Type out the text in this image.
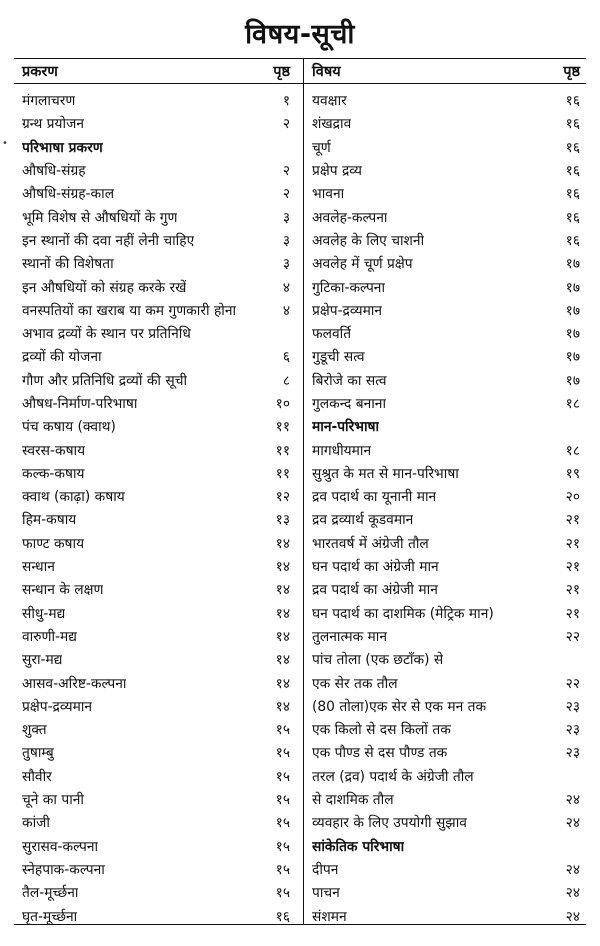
विषय-सूची
•
प्रकरण	पृष्ठ
मंगलाचरण	१
ग्रन्थ प्रयोजन	२
परिभाषा प्रकरण
औषधि-संग्रह	२
औषधि-संग्रह-काल	२
भूमि विशेष से औषधियों के गुण	३
इन स्थानों की दवा नहीं लेनी चाहिए	३
स्थानों की विशेषता	३
इन औषधियों को संग्रह करके रखें	४
वनस्पतियों का खराब या कम गुणकारी होना	४
अभाव द्रव्यों के स्थान पर प्रतिनिधि
द्रव्यों की योजना	६
गौण और प्रतिनिधि द्रव्यों की सूची	८
औषध-निर्माण-परिभाषा	१०
पंच कषाय (क्वाथ)	११
स्वरस-कषाय	११
कल्क-कषाय	११
क्वाथ (काढ़ा) कषाय	१२
हिम-कषाय	१३
फाण्ट कषाय	१४
सन्धान	१४
सन्धान के लक्षण	१४
सीधु-मद्य	१४
वारुणी-मद्य	१४
सुरा-मद्य	१४
आसव-अरिष्ट-कल्पना	१४
प्रक्षेप-द्रव्यमान	१४
शुक्त	१५
तुषाम्बु	१५
सौवीर	१५
चूने का पानी	१५
कांजी	१५
सुरासव-कल्पना	१५
स्नेहपाक-कल्पना	१५
तैल-मूर्च्छना	१५
घृत-मूर्च्छना	१६
विषय	पृष्ठ
यवक्षार	१६
शंखद्राव	१६
चूर्ण	१६
प्रक्षेप द्रव्य	१६
भावना	१६
अवलेह-कल्पना	१६
अवलेह के लिए चाशनी	१६
अवलेह में चूर्ण प्रक्षेप	१७
गुटिका-कल्पना	१७
प्रक्षेप-द्रव्यमान	१७
फलवर्ति	१७
गुडूची सत्व	१७
बिरोजे का सत्व	१७
गुलकन्द बनाना	१८
मान-परिभाषा
मागधीयमान	१८
सुश्रुत के मत से मान-परिभाषा	१९
द्रव पदार्थ का यूनानी मान	२०
द्रव द्रव्यार्थ कूडवमान	२१
भारतवर्ष में अंग्रेजी तौल	२१
घन पदार्थ का अंग्रेजी मान	२१
द्रव पदार्थ का अंग्रेजी मान	२१
घन पदार्थ का दाशमिक (मेट्रिक मान)	२१
तुलनात्मक मान	२२
पांच तोला (एक छटाँक) से
एक सेर तक तौल	२२
(80 तोला)एक सेर से एक मन तक	२३
एक किलो से दस किलों तक	२३
एक पौण्ड से दस पौण्ड तक	२३
तरल (द्रव) पदार्थ के अंग्रेजी तौल
से दाशमिक तौल	२४
व्यवहार के लिए उपयोगी सुझाव	२४
सांकेतिक परिभाषा
दीपन	२४
पाचन	२४
संशमन	२४
